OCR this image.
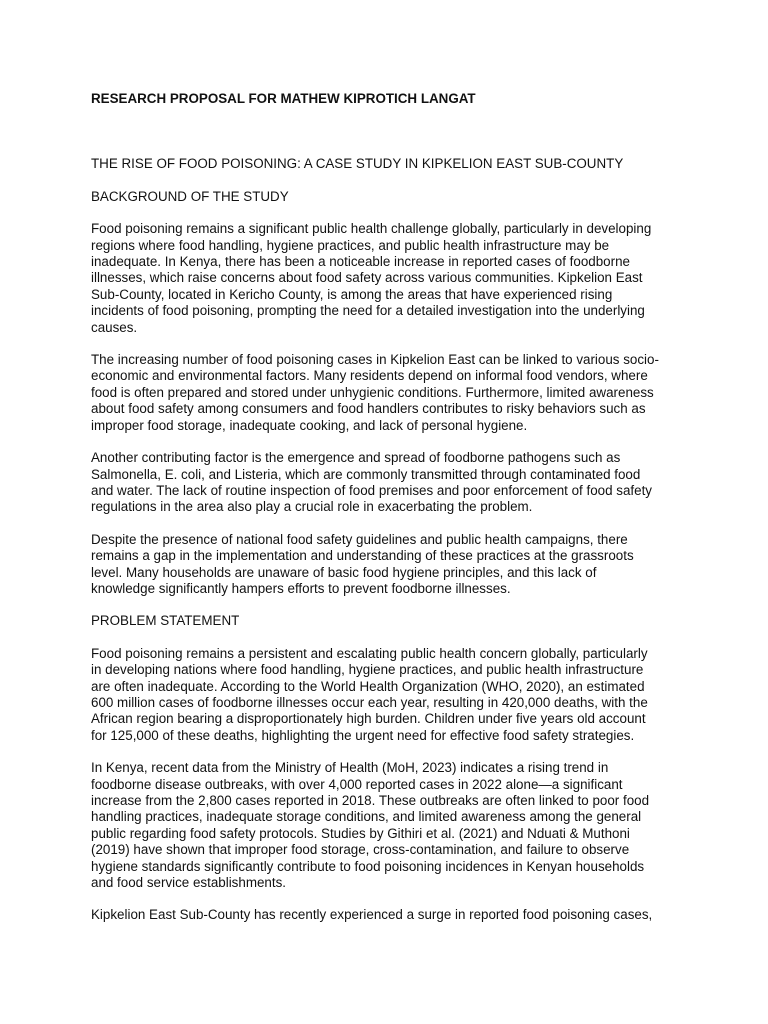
RESEARCH PROPOSAL FOR MATHEW KIPROTICH LANGAT
THE RISE OF FOOD POISONING: A CASE STUDY IN KIPKELION EAST SUB-COUNTY
BACKGROUND OF THE STUDY

Food poisoning remains a significant public health challenge globally, particularly in developing
regions where food handling, hygiene practices, and public health infrastructure may be
inadequate. In Kenya, there has been a noticeable increase in reported cases of foodborne
illnesses, which raise concerns about food safety across various communities. Kipkelion East
Sub-County, located in Kericho County, is among the areas that have experienced rising
incidents of food poisoning, prompting the need for a detailed investigation into the underlying
causes.

The increasing number of food poisoning cases in Kipkelion East can be linked to various socio-
economic and environmental factors. Many residents depend on informal food vendors, where
food is often prepared and stored under unhygienic conditions. Furthermore, limited awareness
about food safety among consumers and food handlers contributes to risky behaviors such as
improper food storage, inadequate cooking, and lack of personal hygiene.

Another contributing factor is the emergence and spread of foodborne pathogens such as
Salmonella, E. coli, and Listeria, which are commonly transmitted through contaminated food
and water. The lack of routine inspection of food premises and poor enforcement of food safety
regulations in the area also play a crucial role in exacerbating the problem.

Despite the presence of national food safety guidelines and public health campaigns, there
remains a gap in the implementation and understanding of these practices at the grassroots
level. Many households are unaware of basic food hygiene principles, and this lack of
knowledge significantly hampers efforts to prevent foodborne illnesses.

PROBLEM STATEMENT

Food poisoning remains a persistent and escalating public health concern globally, particularly
in developing nations where food handling, hygiene practices, and public health infrastructure
are often inadequate. According to the World Health Organization (WHO, 2020), an estimated
600 million cases of foodborne illnesses occur each year, resulting in 420,000 deaths, with the
African region bearing a disproportionately high burden. Children under five years old account
for 125,000 of these deaths, highlighting the urgent need for effective food safety strategies.

In Kenya, recent data from the Ministry of Health (MoH, 2023) indicates a rising trend in
foodborne disease outbreaks, with over 4,000 reported cases in 2022 alone—a significant
increase from the 2,800 cases reported in 2018. These outbreaks are often linked to poor food
handling practices, inadequate storage conditions, and limited awareness among the general
public regarding food safety protocols. Studies by Githiri et al. (2021) and Nduati & Muthoni
(2019) have shown that improper food storage, cross-contamination, and failure to observe
hygiene standards significantly contribute to food poisoning incidences in Kenyan households
and food service establishments.

Kipkelion East Sub-County has recently experienced a surge in reported food poisoning cases,
